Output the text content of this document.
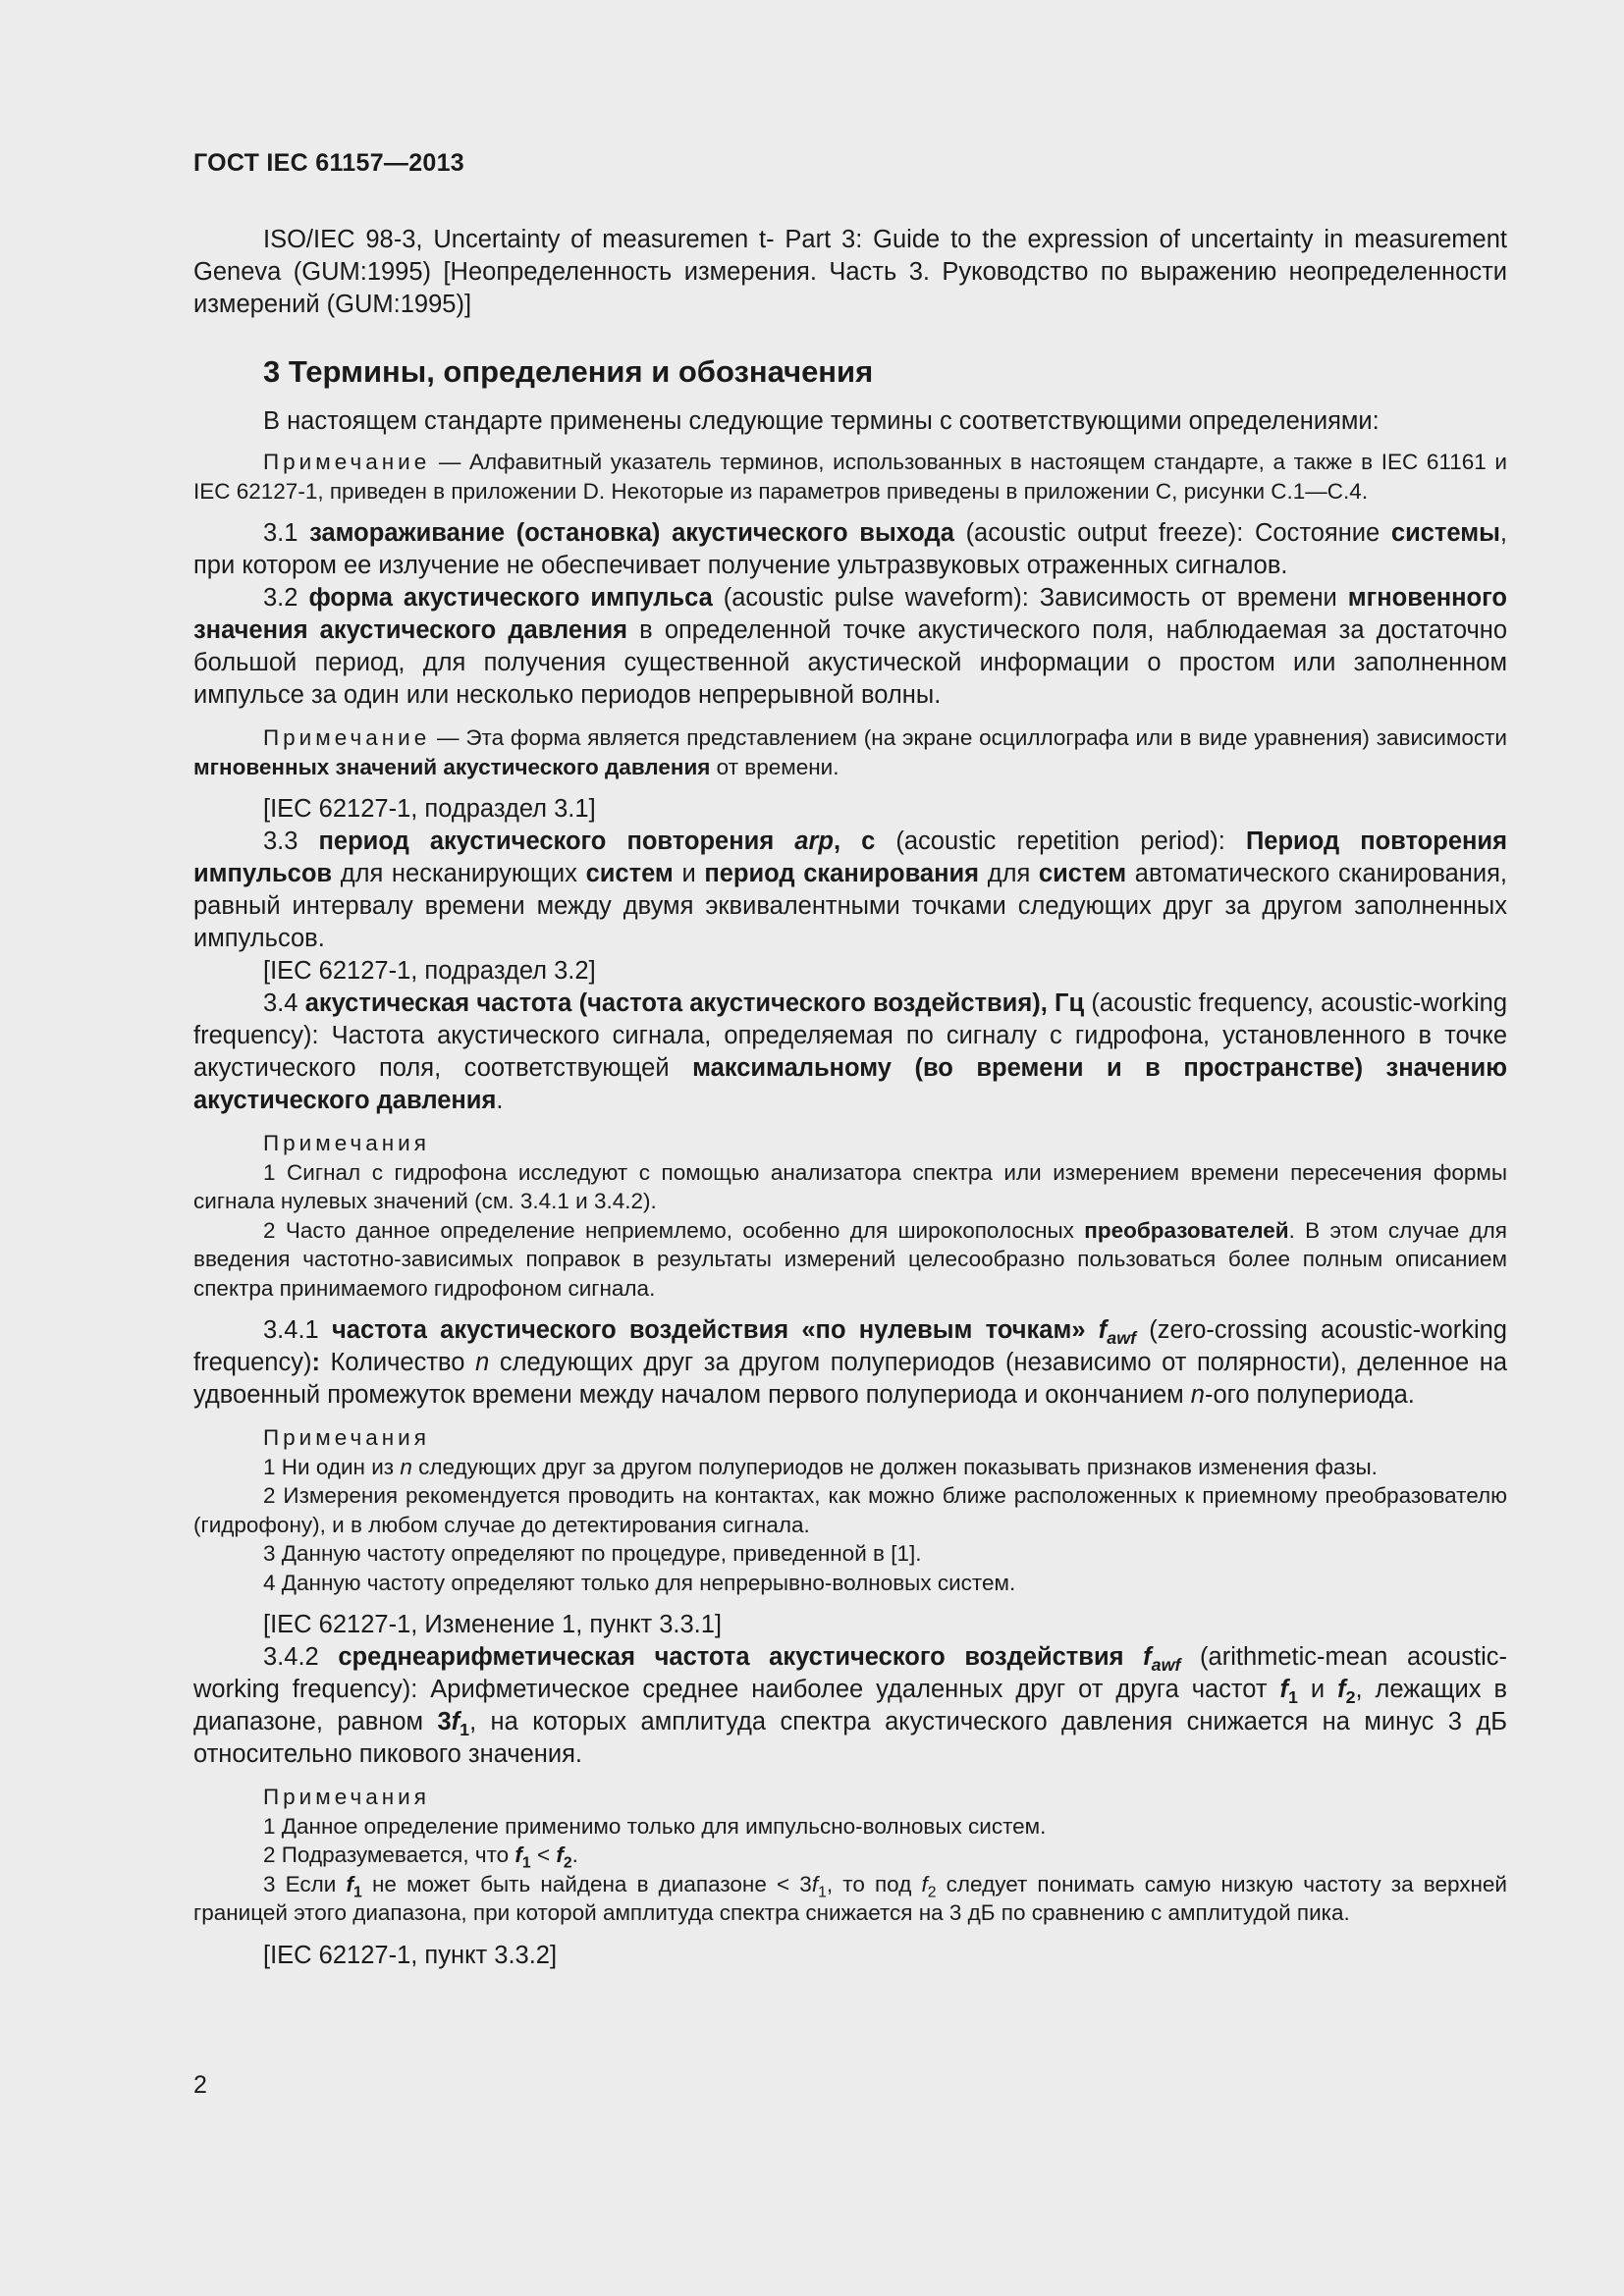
ГОСТ IEC 61157—2013

ISO/IEC 98-3, Uncertainty of measuremen t- Part 3: Guide to the expression of uncertainty in measurement Geneva (GUM:1995) [Неопределенность измерения. Часть 3. Руководство по выражению неопределенности измерений (GUM:1995)]

3 Термины, определения и обозначения

В настоящем стандарте применены следующие термины с соответствующими определениями:

Примечание — Алфавитный указатель терминов, использованных в настоящем стандарте, а также в IEC 61161 и IEC 62127-1, приведен в приложении D. Некоторые из параметров приведены в приложении С, рисунки С.1—С.4.

3.1 замораживание (остановка) акустического выхода (acoustic output freeze): Состояние системы, при котором ее излучение не обеспечивает получение ультразвуковых отраженных сигналов.

3.2 форма акустического импульса (acoustic pulse waveform): Зависимость от времени мгновенного значения акустического давления в определенной точке акустического поля, наблюдаемая за достаточно большой период, для получения существенной акустической информации о простом или заполненном импульсе за один или несколько периодов непрерывной волны.

Примечание — Эта форма является представлением (на экране осциллографа или в виде уравнения) зависимости мгновенных значений акустического давления от времени.

[IEC 62127-1, подраздел 3.1]

3.3 период акустического повторения arp, с (acoustic repetition period): Период повторения импульсов для несканирующих систем и период сканирования для систем автоматического сканирования, равный интервалу времени между двумя эквивалентными точками следующих друг за другом заполненных импульсов.

[IEC 62127-1, подраздел 3.2]

3.4 акустическая частота (частота акустического воздействия), Гц (acoustic frequency, acoustic-working frequency): Частота акустического сигнала, определяемая по сигналу с гидрофона, установленного в точке акустического поля, соответствующей максимальному (во времени и в пространстве) значению акустического давления.

Примечания

1 Сигнал с гидрофона исследуют с помощью анализатора спектра или измерением времени пересечения формы сигнала нулевых значений (см. 3.4.1 и 3.4.2).

2 Часто данное определение неприемлемо, особенно для широкополосных преобразователей. В этом случае для введения частотно-зависимых поправок в результаты измерений целесообразно пользоваться более полным описанием спектра принимаемого гидрофоном сигнала.

3.4.1 частота акустического воздействия «по нулевым точкам» $f_{awf}$ (zero-crossing acoustic-working frequency): Количество n следующих друг за другом полупериодов (независимо от полярности), деленное на удвоенный промежуток времени между началом первого полупериода и окончанием n-ого полупериода.

Примечания

1 Ни один из n следующих друг за другом полупериодов не должен показывать признаков изменения фазы.

2 Измерения рекомендуется проводить на контактах, как можно ближе расположенных к приемному преобразователю (гидрофону), и в любом случае до детектирования сигнала.

3 Данную частоту определяют по процедуре, приведенной в [1].

4 Данную частоту определяют только для непрерывно-волновых систем.

[IEC 62127-1, Изменение 1, пункт 3.3.1]

3.4.2 среднеарифметическая частота акустического воздействия $f_{awf}$ (arithmetic-mean acoustic-working frequency): Арифметическое среднее наиболее удаленных друг от друга частот $f_1$ и $f_2$, лежащих в диапазоне, равном $3f_1$, на которых амплитуда спектра акустического давления снижается на минус 3 дБ относительно пикового значения.

Примечания

1 Данное определение применимо только для импульсно-волновых систем.

2 Подразумевается, что $f_1 < f_2$.

3 Если $f_1$ не может быть найдена в диапазоне < $3f_1$, то под $f_2$ следует понимать самую низкую частоту за верхней границей этого диапазона, при которой амплитуда спектра снижается на 3 дБ по сравнению с амплитудой пика.

[IEC 62127-1, пункт 3.3.2]

2
